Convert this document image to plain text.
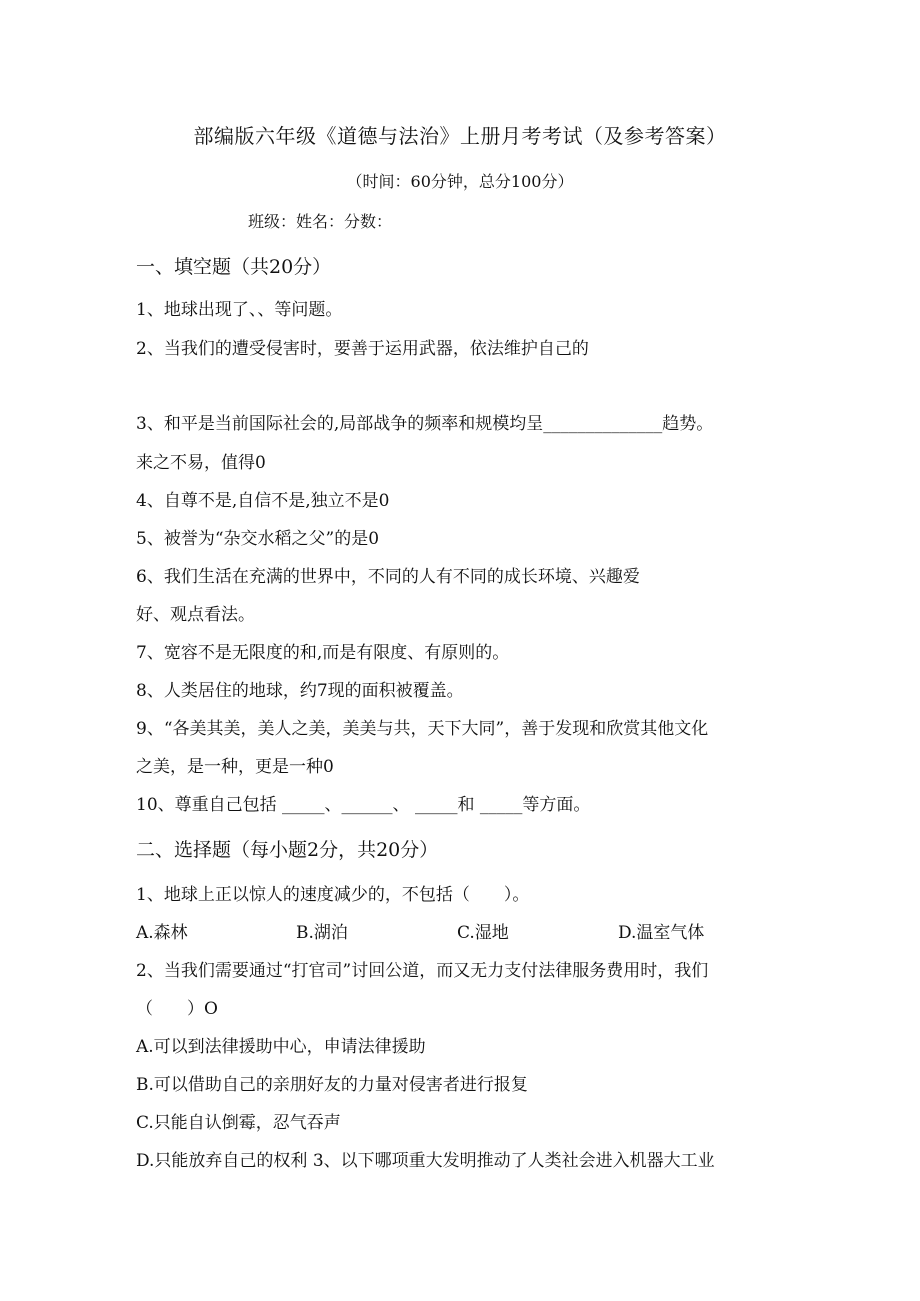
部编版六年级《道德与法治》上册月考考试（及参考答案）
（时间：60分钟，总分100分）
班级：姓名：分数：
一、填空题（共20分）
1、地球出现了、、等问题。
2、当我们的遭受侵害时，要善于运用武器，依法维护自己的
3、和平是当前国际社会的,局部战争的频率和规模均呈______________趋势。
来之不易，值得0
4、自尊不是,自信不是,独立不是0
5、被誉为“杂交水稻之父”的是0
6、我们生活在充满的世界中，不同的人有不同的成长环境、兴趣爱
好、观点看法。
7、宽容不是无限度的和,而是有限度、有原则的。
8、人类居住的地球，约7现的面积被覆盖。
9、“各美其美，美人之美，美美与共，天下大同”，善于发现和欣赏其他文化
之美，是一种，更是一种0
10、尊重自己包括 _____、______、 _____和 _____等方面。
二、选择题（每小题2分，共20分）
1、地球上正以惊人的速度减少的，不包括（　　）。
A.森林	B.湖泊	C.湿地	D.温室气体
2、当我们需要通过“打官司”讨回公道，而又无力支付法律服务费用时，我们
（　　）O
A.可以到法律援助中心，申请法律援助
B.可以借助自己的亲朋好友的力量对侵害者进行报复
C.只能自认倒霉，忍气吞声
D.只能放弃自己的权利 3、以下哪项重大发明推动了人类社会进入机器大工业
